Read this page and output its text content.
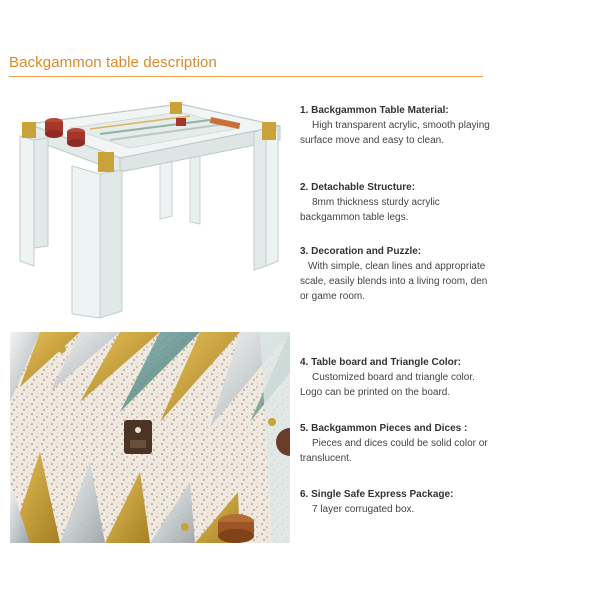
Backgammon table description

1. Backgammon Table Material:

High transparent acrylic, smooth playing surface move and easy to clean.

2. Detachable Structure:

8mm thickness sturdy acrylic backgammon table legs.

3. Decoration and Puzzle:

With simple, clean lines and appropriate scale, easily blends into a living room, den or game room.

4. Table board and Triangle Color:

Customized board and triangle color. Logo can be printed on the board.

5. Backgammon Pieces and Dices :

Pieces and dices could be solid color or translucent.

6. Single Safe Express Package:

7 layer corrugated box.
